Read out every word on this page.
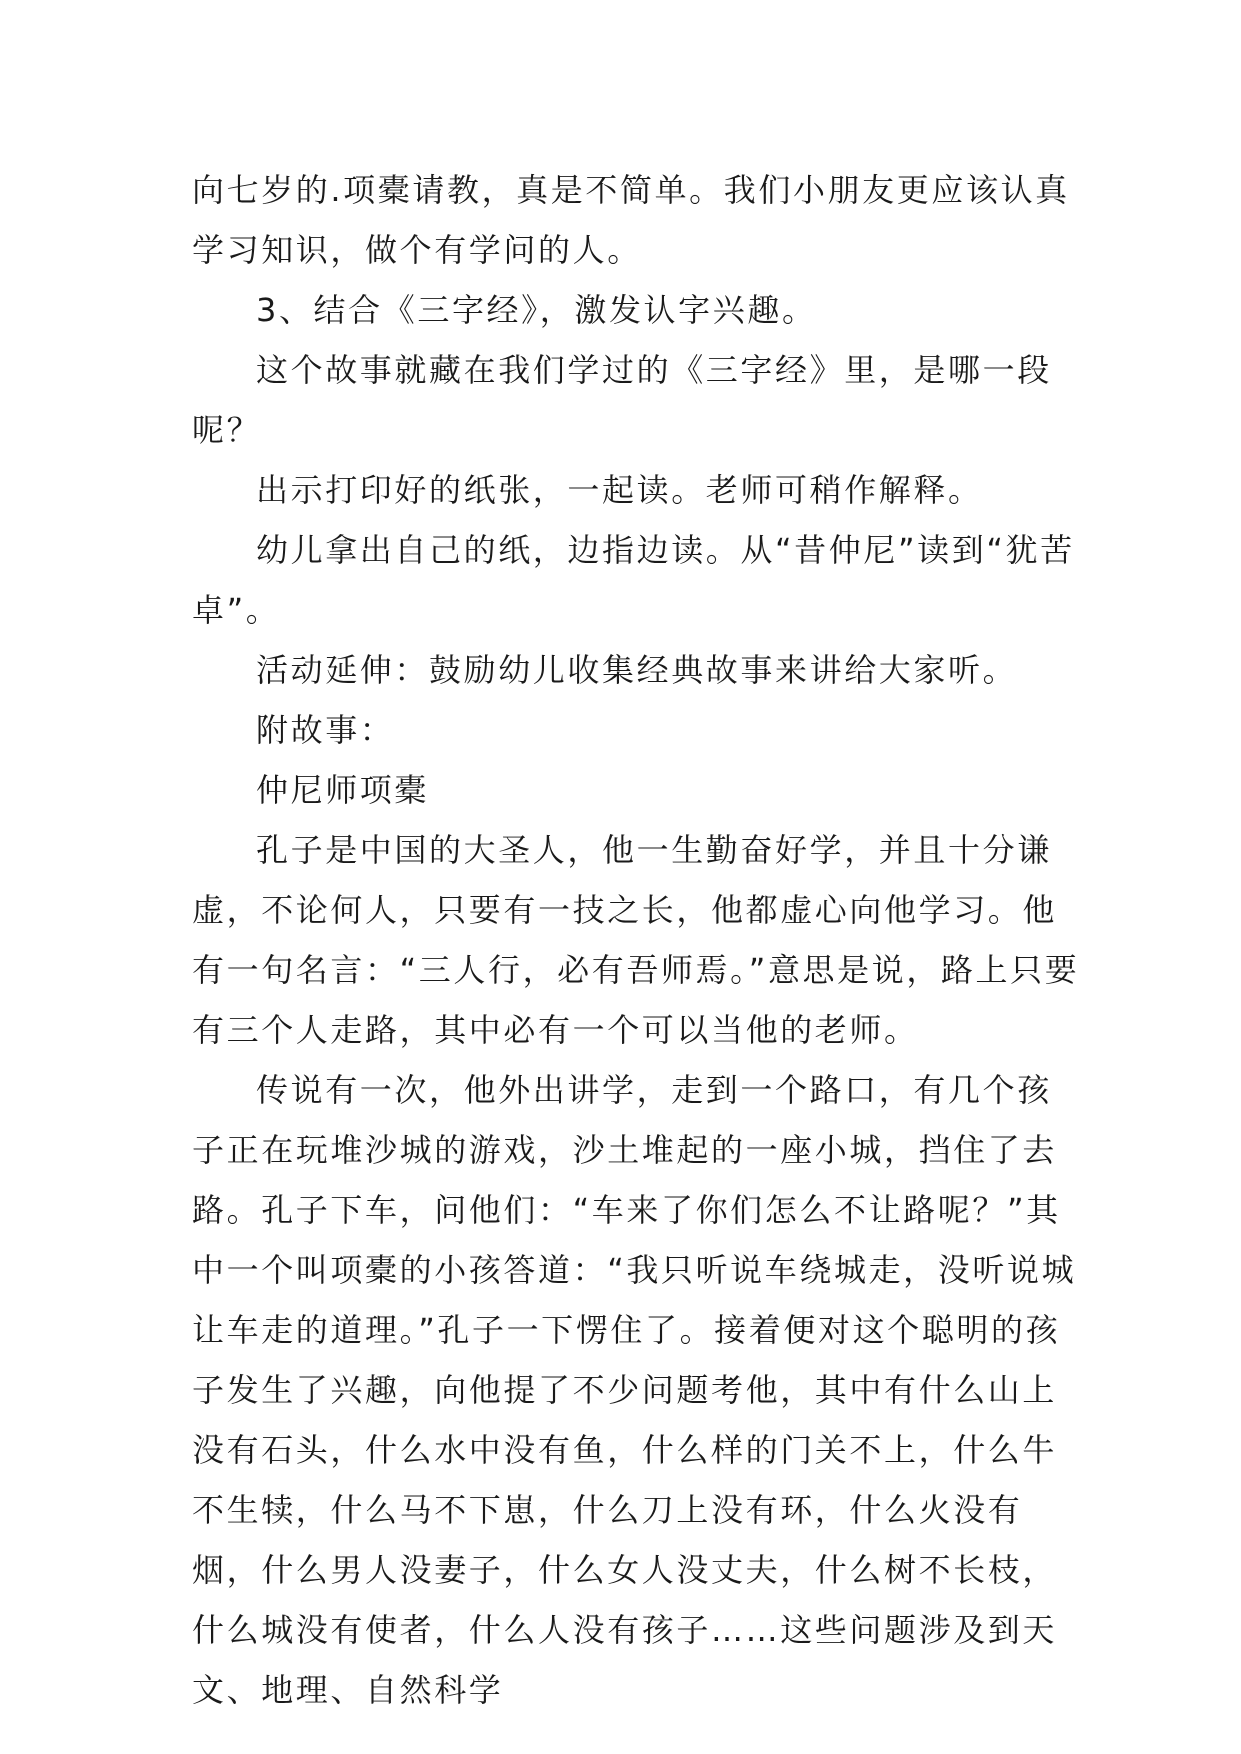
向七岁的.项橐请教，真是不简单。我们小朋友更应该认真学习知识，做个有学问的人。

3、结合《三字经》，激发认字兴趣。

这个故事就藏在我们学过的《三字经》里，是哪一段呢？

出示打印好的纸张，一起读。老师可稍作解释。

幼儿拿出自己的纸，边指边读。从“昔仲尼”读到“犹苦卓”。

活动延伸：鼓励幼儿收集经典故事来讲给大家听。

附故事：

仲尼师项橐

孔子是中国的大圣人，他一生勤奋好学，并且十分谦虚，不论何人，只要有一技之长，他都虚心向他学习。他有一句名言：“三人行，必有吾师焉。”意思是说，路上只要有三个人走路，其中必有一个可以当他的老师。

传说有一次，他外出讲学，走到一个路口，有几个孩子正在玩堆沙城的游戏，沙土堆起的一座小城，挡住了去路。孔子下车，问他们：“车来了你们怎么不让路呢？”其中一个叫项橐的小孩答道：“我只听说车绕城走，没听说城让车走的道理。”孔子一下愣住了。接着便对这个聪明的孩子发生了兴趣，向他提了不少问题考他，其中有什么山上没有石头，什么水中没有鱼，什么样的门关不上，什么牛不生犊，什么马不下崽，什么刀上没有环，什么火没有烟，什么男人没妻子，什么女人没丈夫，什么树不长枝，什么城没有使者，什么人没有孩子……这些问题涉及到天文、地理、自然科学
